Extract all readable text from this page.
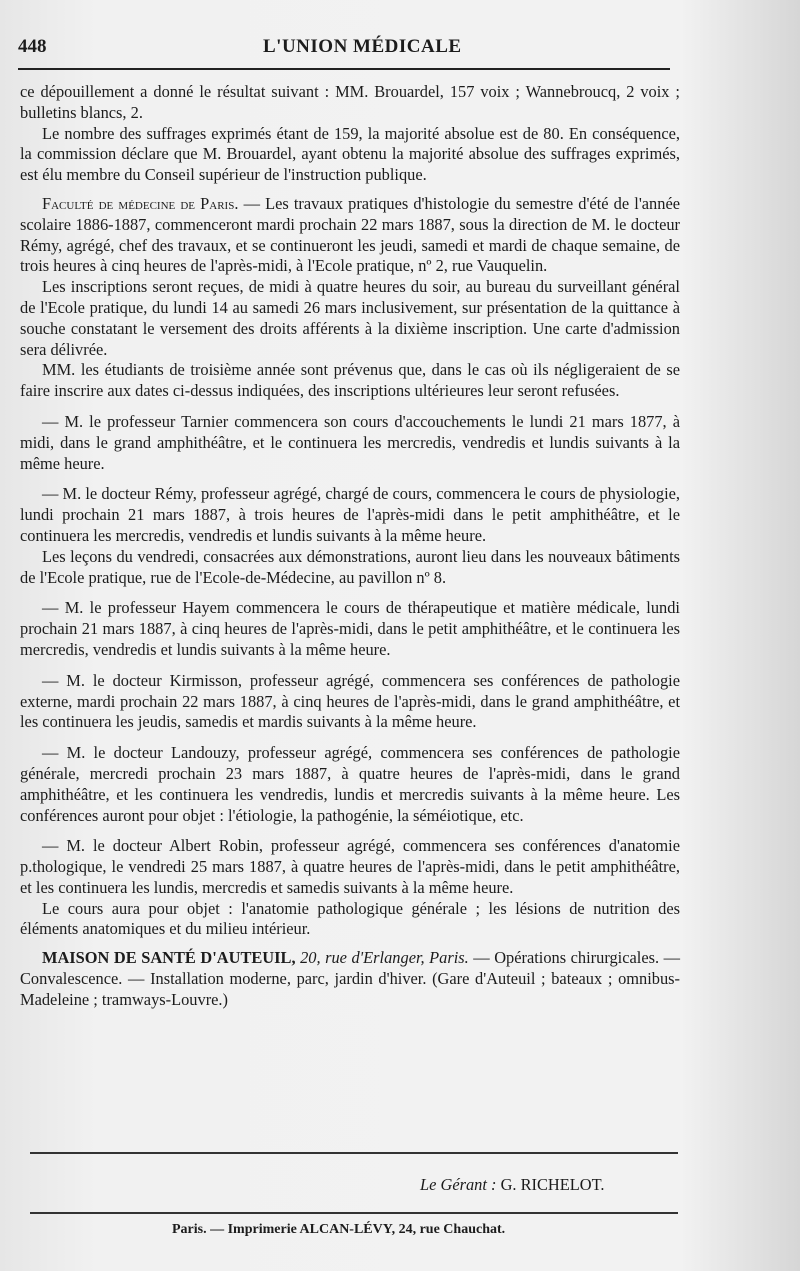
448	L'UNION MÉDICALE

ce dépouillement a donné le résultat suivant : MM. Brouardel, 157 voix ; Wannebroucq, 2 voix ; bulletins blancs, 2.

Le nombre des suffrages exprimés étant de 159, la majorité absolue est de 80. En conséquence, la commission déclare que M. Brouardel, ayant obtenu la majorité absolue des suffrages exprimés, est élu membre du Conseil supérieur de l'instruction publique.

Faculté de médecine de Paris. — Les travaux pratiques d'histologie du semestre d'été de l'année scolaire 1886-1887, commenceront mardi prochain 22 mars 1887, sous la direction de M. le docteur Rémy, agrégé, chef des travaux, et se continueront les jeudi, samedi et mardi de chaque semaine, de trois heures à cinq heures de l'après-midi, à l'Ecole pratique, nº 2, rue Vauquelin.

Les inscriptions seront reçues, de midi à quatre heures du soir, au bureau du surveillant général de l'Ecole pratique, du lundi 14 au samedi 26 mars inclusivement, sur présentation de la quittance à souche constatant le versement des droits afférents à la dixième inscription. Une carte d'admission sera délivrée.

MM. les étudiants de troisième année sont prévenus que, dans le cas où ils négligeraient de se faire inscrire aux dates ci-dessus indiquées, des inscriptions ultérieures leur seront refusées.

— M. le professeur Tarnier commencera son cours d'accouchements le lundi 21 mars 1877, à midi, dans le grand amphithéâtre, et le continuera les mercredis, vendredis et lundis suivants à la même heure.

— M. le docteur Rémy, professeur agrégé, chargé de cours, commencera le cours de physiologie, lundi prochain 21 mars 1887, à trois heures de l'après-midi dans le petit amphithéâtre, et le continuera les mercredis, vendredis et lundis suivants à la même heure.

Les leçons du vendredi, consacrées aux démonstrations, auront lieu dans les nouveaux bâtiments de l'Ecole pratique, rue de l'Ecole-de-Médecine, au pavillon nº 8.

— M. le professeur Hayem commencera le cours de thérapeutique et matière médicale, lundi prochain 21 mars 1887, à cinq heures de l'après-midi, dans le petit amphithéâtre, et le continuera les mercredis, vendredis et lundis suivants à la même heure.

— M. le docteur Kirmisson, professeur agrégé, commencera ses conférences de pathologie externe, mardi prochain 22 mars 1887, à cinq heures de l'après-midi, dans le grand amphithéâtre, et les continuera les jeudis, samedis et mardis suivants à la même heure.

— M. le docteur Landouzy, professeur agrégé, commencera ses conférences de pathologie générale, mercredi prochain 23 mars 1887, à quatre heures de l'après-midi, dans le grand amphithéâtre, et les continuera les vendredis, lundis et mercredis suivants à la même heure. Les conférences auront pour objet : l'étiologie, la pathogénie, la séméiotique, etc.

— M. le docteur Albert Robin, professeur agrégé, commencera ses conférences d'anatomie p.thologique, le vendredi 25 mars 1887, à quatre heures de l'après-midi, dans le petit amphithéâtre, et les continuera les lundis, mercredis et samedis suivants à la même heure.

Le cours aura pour objet : l'anatomie pathologique générale ; les lésions de nutrition des éléments anatomiques et du milieu intérieur.

MAISON DE SANTÉ D'AUTEUIL, 20, rue d'Erlanger, Paris. — Opérations chirurgicales. — Convalescence. — Installation moderne, parc, jardin d'hiver. (Gare d'Auteuil ; bateaux ; omnibus-Madeleine ; tramways-Louvre.)

Le Gérant : G. RICHELOT.
Paris. — Imprimerie ALCAN-LÉVY, 24, rue Chauchat.
